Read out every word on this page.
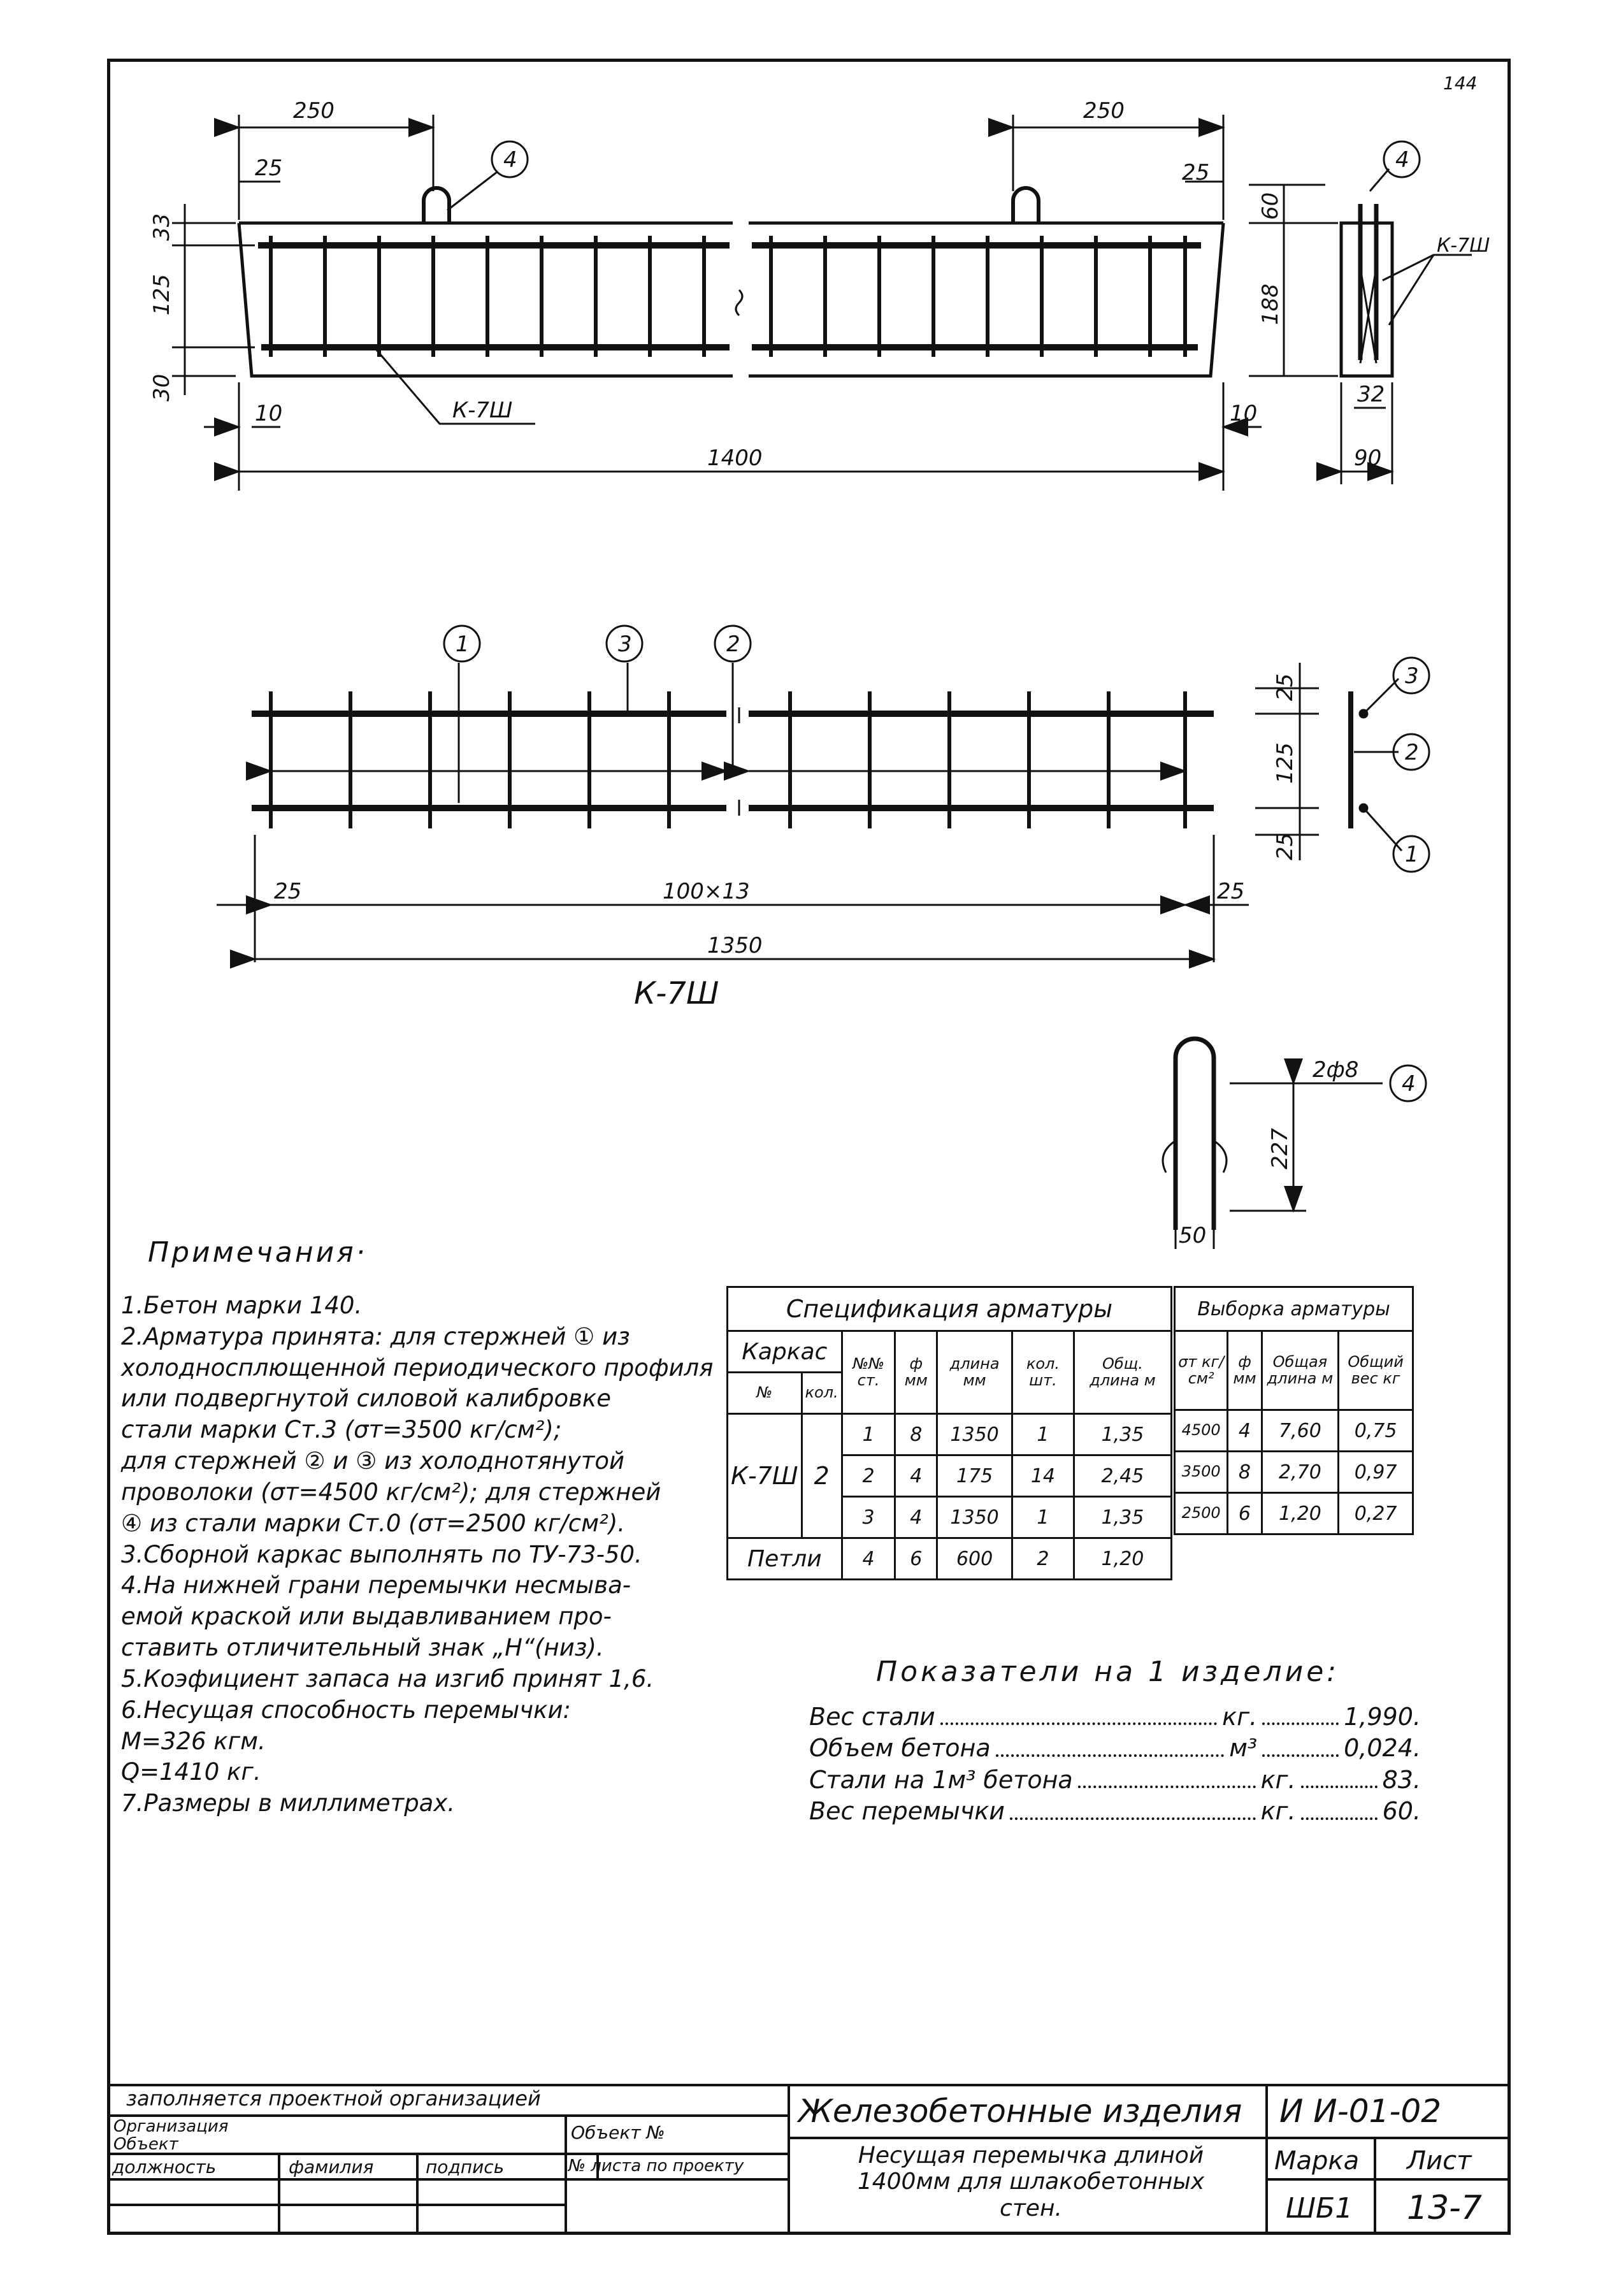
144
250	250
25	25
4	4
33
125
30
10	10
К-7Ш
1400
К-7Ш
60
188
32
90
1	3	2
25	100×13	25
1350
К-7Ш
25
125
25
3
2
1
2ф8
4
227
50
Примечания·

1.Бетон марки 140.

2.Арматура принята: для стержней ① из
холодносплющенной периодического профиля
или подвергнутой силовой калибровке
стали марки Ст.3 (σт=3500 кг/см²);
для стержней ② и ③ из холоднотянутой
проволоки (σт=4500 кг/см²); для стержней
④ из стали марки Ст.0 (σт=2500 кг/см²).

3.Сборной каркас выполнять по ТУ-73-50.

4.На нижней грани перемычки несмыва-
емой краской или выдавливанием про-
ставить отличительный знак „Н“(низ).

5.Коэфициент запаса на изгиб принят 1,6.

6.Несущая способность перемычки:
M=326 кгм.
Q=1410 кг.

7.Размеры в миллиметрах.

Спецификация арматуры						
Каркас		№№ ст.	ф мм	длина мм	кол. шт.	Общ. длина м
№	кол.					
К-7Ш	2	1	8	1350	1	1,35
		2	4	175	14	2,45
		3	4	1350	1	1,35
Петли		4	6	600	2	1,20
Выборка арматуры			
σт кг/см²	ф мм	Общая длина м	Общий вес кг
4500	4	7,60	0,75
3500	8	2,70	0,97
2500	6	1,20	0,27
Показатели на 1 изделие:
Вес стали	кг.	1,990.
Объем бетона	м³	0,024.
Стали на 1м³ бетона	кг.	83.
Вес перемычки	кг.	60.
заполняется проектной организацией
Организация
Объект
Объект №
должность	фамилия	подпись	№ листа по проекту
Железобетонные изделия И И-01-02
Несущая перемычка длиной 1400мм для шлакобетонных стен.
Марка Лист
ШБ1 13-7
